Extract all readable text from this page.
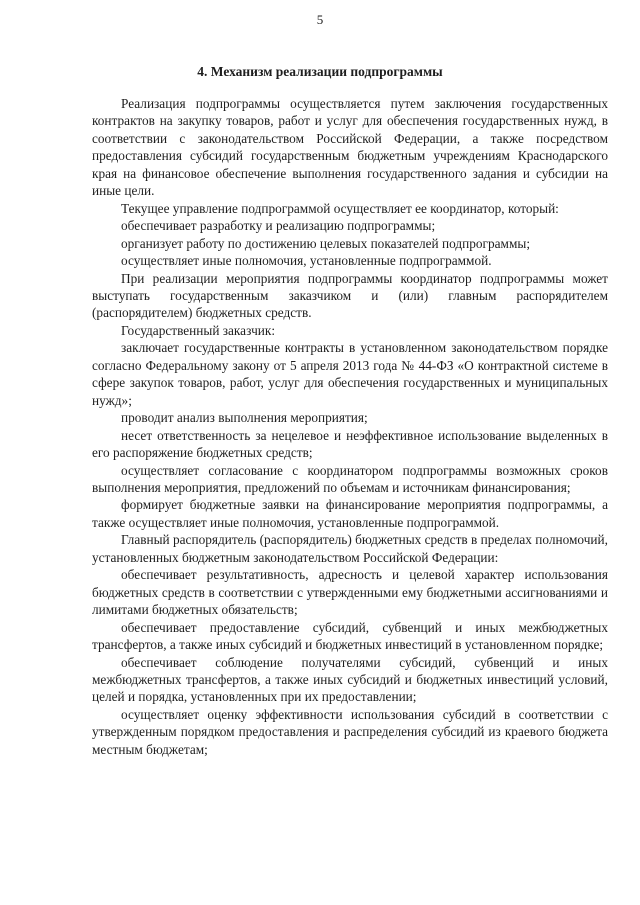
5
4. Механизм реализации подпрограммы

Реализация подпрограммы осуществляется путем заключения государственных контрактов на закупку товаров, работ и услуг для обеспечения государственных нужд, в соответствии с законодательством Российской Федерации, а также посредством предоставления субсидий государственным бюджетным учреждениям Краснодарского края на финансовое обеспечение выполнения государственного задания и субсидии на иные цели.

Текущее управление подпрограммой осуществляет ее координатор, который:

обеспечивает разработку и реализацию подпрограммы;

организует работу по достижению целевых показателей подпрограммы;

осуществляет иные полномочия, установленные подпрограммой.

При реализации мероприятия подпрограммы координатор подпрограммы может выступать государственным заказчиком и (или) главным распорядителем (распорядителем) бюджетных средств.

Государственный заказчик:

заключает государственные контракты в установленном законодательством порядке согласно Федеральному закону от 5 апреля 2013 года № 44-ФЗ «О контрактной системе в сфере закупок товаров, работ, услуг для обеспечения государственных и муниципальных нужд»;

проводит анализ выполнения мероприятия;

несет ответственность за нецелевое и неэффективное использование выделенных в его распоряжение бюджетных средств;

осуществляет согласование с координатором подпрограммы возможных сроков выполнения мероприятия, предложений по объемам и источникам финансирования;

формирует бюджетные заявки на финансирование мероприятия подпрограммы, а также осуществляет иные полномочия, установленные подпрограммой.

Главный распорядитель (распорядитель) бюджетных средств в пределах полномочий, установленных бюджетным законодательством Российской Федерации:

обеспечивает результативность, адресность и целевой характер использования бюджетных средств в соответствии с утвержденными ему бюджетными ассигнованиями и лимитами бюджетных обязательств;

обеспечивает предоставление субсидий, субвенций и иных межбюджетных трансфертов, а также иных субсидий и бюджетных инвестиций в установленном порядке;

обеспечивает соблюдение получателями субсидий, субвенций и иных межбюджетных трансфертов, а также иных субсидий и бюджетных инвестиций условий, целей и порядка, установленных при их предоставлении;

осуществляет оценку эффективности использования субсидий в соответствии с утвержденным порядком предоставления и распределения субсидий из краевого бюджета местным бюджетам;
